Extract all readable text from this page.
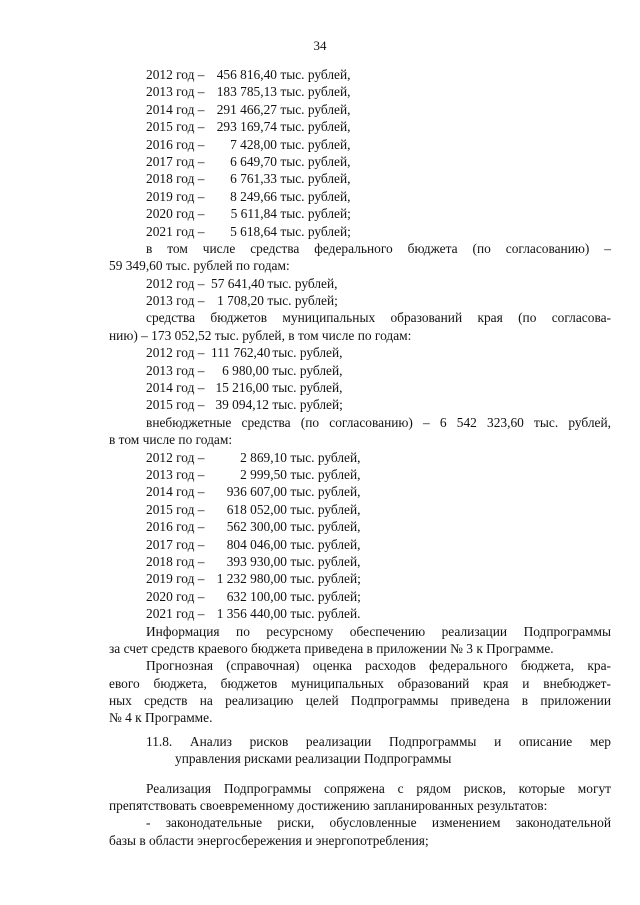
34
2012 год – 456 816,40 тыс. рублей,
2013 год – 183 785,13 тыс. рублей,
2014 год – 291 466,27 тыс. рублей,
2015 год – 293 169,74 тыс. рублей,
2016 год – 7 428,00 тыс. рублей,
2017 год – 6 649,70 тыс. рублей,
2018 год – 6 761,33 тыс. рублей,
2019 год – 8 249,66 тыс. рублей,
2020 год – 5 611,84 тыс. рублей;
2021 год – 5 618,64 тыс. рублей;
в том числе средства федерального бюджета (по согласованию) –
59 349,60 тыс. рублей по годам:
2012 год – 57 641,40 тыс. рублей,
2013 год – 1 708,20 тыс. рублей;
средства бюджетов муниципальных образований края (по согласова-
нию) – 173 052,52 тыс. рублей, в том числе по годам:
2012 год – 111 762,40 тыс. рублей,
2013 год – 6 980,00 тыс. рублей,
2014 год – 15 216,00 тыс. рублей,
2015 год – 39 094,12 тыс. рублей;
внебюджетные средства (по согласованию) – 6 542 323,60 тыс. рублей,
в том числе по годам:
2012 год –	2 869,10 тыс. рублей,
2013 год –	2 999,50 тыс. рублей,
2014 год – 936 607,00 тыс. рублей,
2015 год – 618 052,00 тыс. рублей,
2016 год – 562 300,00 тыс. рублей,
2017 год – 804 046,00 тыс. рублей,
2018 год – 393 930,00 тыс. рублей,
2019 год – 1 232 980,00 тыс. рублей;
2020 год – 632 100,00 тыс. рублей;
2021 год – 1 356 440,00 тыс. рублей.
Информация по ресурсному обеспечению реализации Подпрограммы
за счет средств краевого бюджета приведена в приложении № 3 к Программе.
Прогнозная (справочная) оценка расходов федерального бюджета, кра-
евого бюджета, бюджетов муниципальных образований края и внебюджет-
ных средств на реализацию целей Подпрограммы приведена в приложении
№ 4 к Программе.
11.8. Анализ рисков реализации Подпрограммы и описание мер
управления рисками реализации Подпрограммы
Реализация Подпрограммы сопряжена с рядом рисков, которые могут
препятствовать своевременному достижению запланированных результатов:
- законодательные риски, обусловленные изменением законодательной
базы в области энергосбережения и энергопотребления;
